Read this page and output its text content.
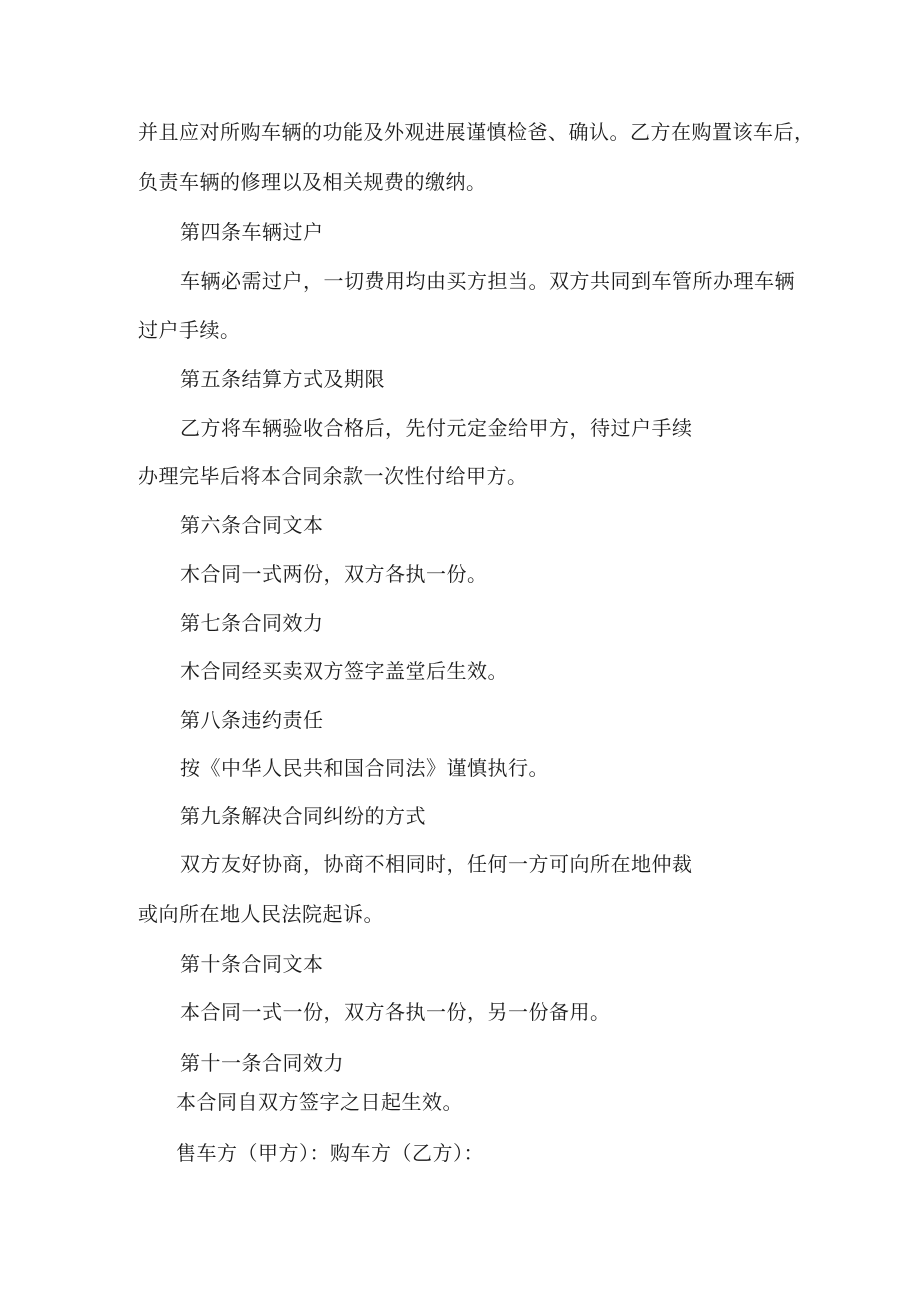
并且应对所购车辆的功能及外观进展谨慎检爸、确认。乙方在购置该车后，

负责车辆的修理以及相关规费的缴纳。

第四条车辆过户

车辆必需过户，一切费用均由买方担当。双方共同到车管所办理车辆

过户手续。

第五条结算方式及期限

乙方将车辆验收合格后，先付元定金给甲方，待过户手续

办理完毕后将本合同余款一次性付给甲方。

第六条合同文本

木合同一式两份，双方各执一份。

第七条合同效力

木合同经买卖双方签字盖堂后生效。

第八条违约责任

按《中华人民共和国合同法》谨慎执行。

第九条解决合同纠纷的方式

双方友好协商，协商不相同时，任何一方可向所在地仲裁

或向所在地人民法院起诉。

第十条合同文本

本合同一式一份，双方各执一份，另一份备用。

第十一条合同效力

本合同自双方签字之日起生效。

售车方（甲方）：购车方（乙方）：
